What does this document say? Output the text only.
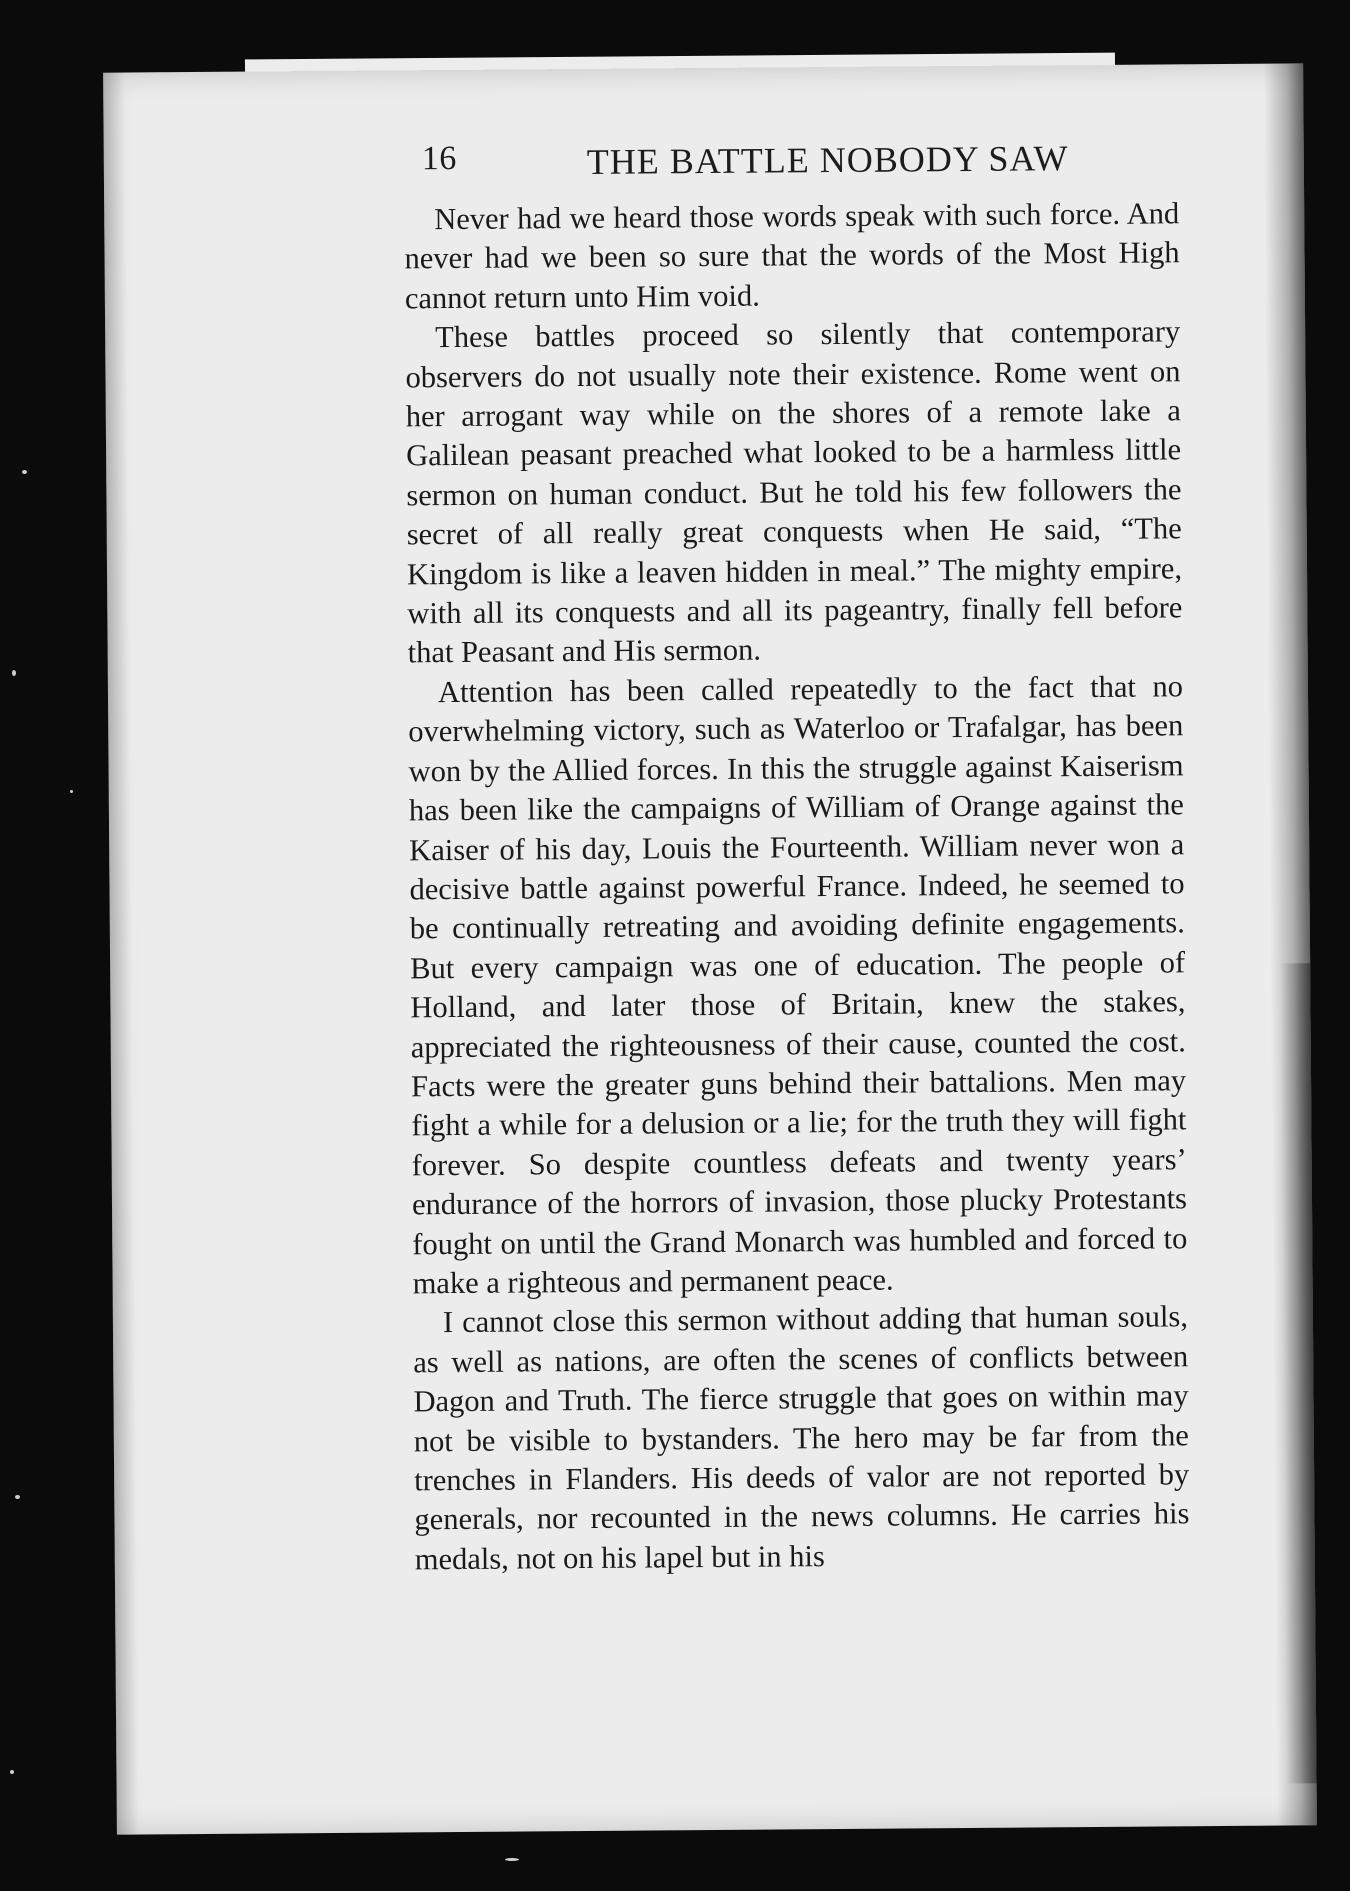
16	THE BATTLE NOBODY SAW

Never had we heard those words speak with such force. And never had we been so sure that the words of the Most High cannot return unto Him void.

These battles proceed so silently that contemporary observers do not usually note their existence. Rome went on her arrogant way while on the shores of a remote lake a Galilean peasant preached what looked to be a harmless little sermon on human conduct. But he told his few followers the secret of all really great conquests when He said, “The Kingdom is like a leaven hidden in meal.” The mighty empire, with all its conquests and all its pageantry, finally fell before that Peasant and His sermon.

Attention has been called repeatedly to the fact that no overwhelming victory, such as Waterloo or Trafalgar, has been won by the Allied forces. In this the struggle against Kaiserism has been like the campaigns of William of Orange against the Kaiser of his day, Louis the Fourteenth. William never won a decisive battle against powerful France. Indeed, he seemed to be continually retreating and avoiding definite engagements. But every campaign was one of education. The people of Holland, and later those of Britain, knew the stakes, appreciated the righteousness of their cause, counted the cost. Facts were the greater guns behind their battalions. Men may fight a while for a delusion or a lie; for the truth they will fight forever. So despite countless defeats and twenty years’ endurance of the horrors of invasion, those plucky Protestants fought on until the Grand Monarch was humbled and forced to make a righteous and permanent peace.

I cannot close this sermon without adding that human souls, as well as nations, are often the scenes of conflicts between Dagon and Truth. The fierce struggle that goes on within may not be visible to bystanders. The hero may be far from the trenches in Flanders. His deeds of valor are not reported by generals, nor recounted in the news columns. He carries his medals, not on his lapel but in his
